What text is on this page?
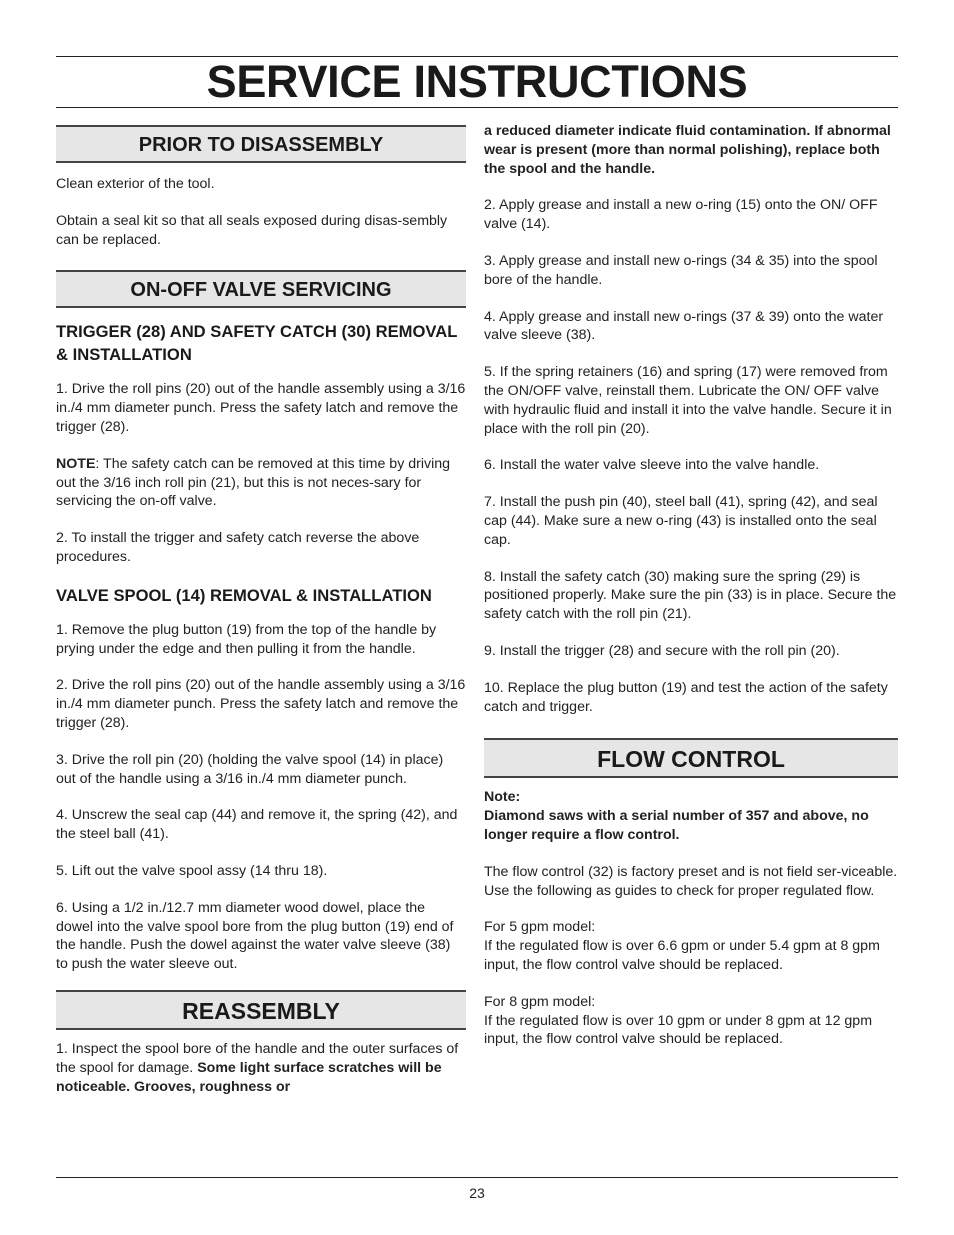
SERVICE INSTRUCTIONS
PRIOR TO DISASSEMBLY

Clean exterior of the tool.

Obtain a seal kit so that all seals exposed during disas-sembly can be replaced.

ON-OFF VALVE SERVICING

TRIGGER (28) AND SAFETY CATCH (30) REMOVAL & INSTALLATION

1. Drive the roll pins (20) out of the handle assembly using a 3/16 in./4 mm diameter punch. Press the safety latch and remove the trigger (28).

NOTE: The safety catch can be removed at this time by driving out the 3/16 inch roll pin (21), but this is not neces-sary for servicing the on-off valve.

2. To install the trigger and safety catch reverse the above procedures.

VALVE SPOOL (14) REMOVAL & INSTALLATION

1. Remove the plug button (19) from the top of the handle by prying under the edge and then pulling it from the handle.

2. Drive the roll pins (20) out of the handle assembly using a 3/16 in./4 mm diameter punch. Press the safety latch and remove the trigger (28).

3. Drive the roll pin (20) (holding the valve spool (14) in place) out of the handle using a 3/16 in./4 mm diameter punch.

4. Unscrew the seal cap (44) and remove it, the spring (42), and the steel ball (41).

5. Lift out the valve spool assy (14 thru 18).

6. Using a 1/2 in./12.7 mm diameter wood dowel, place the dowel into the valve spool bore from the plug button (19) end of the handle. Push the dowel against the water valve sleeve (38) to push the water sleeve out.

REASSEMBLY

1. Inspect the spool bore of the handle and the outer surfaces of the spool for damage. Some light surface scratches will be noticeable. Grooves, roughness or

a reduced diameter indicate fluid contamination. If abnormal wear is present (more than normal polishing), replace both the spool and the handle.

2. Apply grease and install a new o-ring (15) onto the ON/ OFF valve (14).

3. Apply grease and install new o-rings (34 & 35) into the spool bore of the handle.

4. Apply grease and install new o-rings (37 & 39) onto the water valve sleeve (38).

5. If the spring retainers (16) and spring (17) were removed from the ON/OFF valve, reinstall them. Lubricate the ON/ OFF valve with hydraulic fluid and install it into the valve handle. Secure it in place with the roll pin (20).

6. Install the water valve sleeve into the valve handle.

7. Install the push pin (40), steel ball (41), spring (42), and seal cap (44). Make sure a new o-ring (43) is installed onto the seal cap.

8. Install the safety catch (30) making sure the spring (29) is positioned properly. Make sure the pin (33) is in place. Secure the safety catch with the roll pin (21).

9. Install the trigger (28) and secure with the roll pin (20).

10. Replace the plug button (19) and test the action of the safety catch and trigger.

FLOW CONTROL

Note:

Diamond saws with a serial number of 357 and above, no longer require a flow control.

The flow control (32) is factory preset and is not field ser-viceable. Use the following as guides to check for proper regulated flow.

For 5 gpm model:

If the regulated flow is over 6.6 gpm or under 5.4 gpm at 8 gpm input, the flow control valve should be replaced.

For 8 gpm model:

If the regulated flow is over 10 gpm or under 8 gpm at 12 gpm input, the flow control valve should be replaced.

23
